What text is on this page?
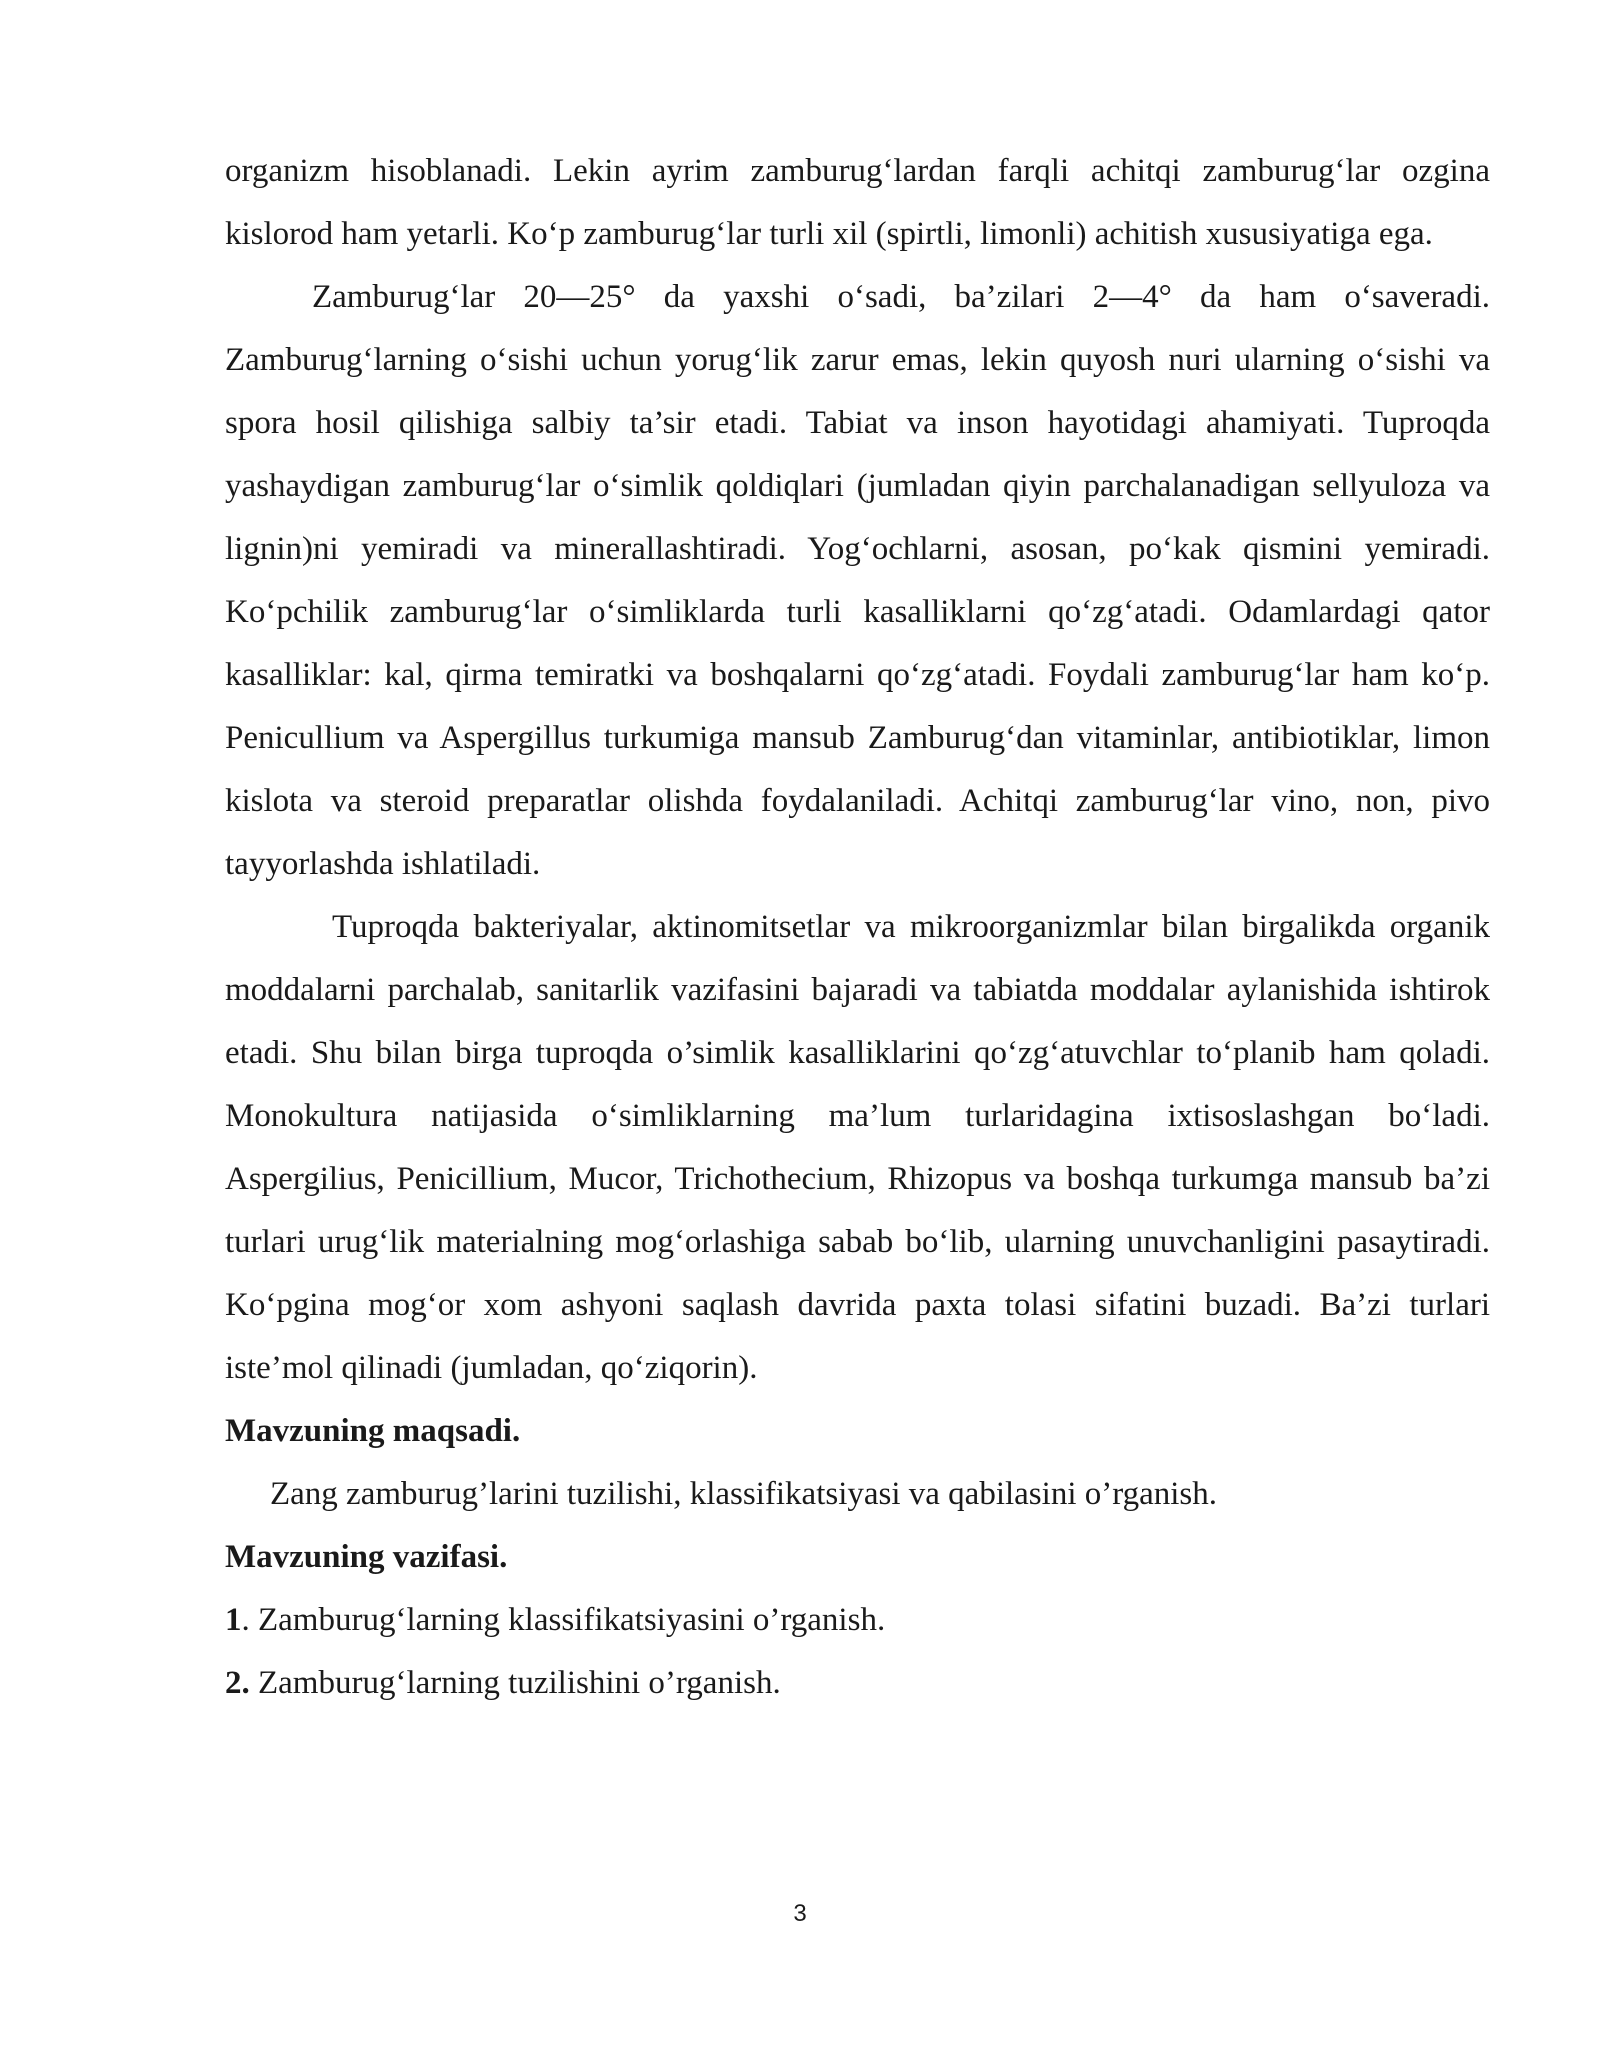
organizm hisoblanadi. Lekin ayrim zamburug‘lardan farqli achitqi zamburug‘lar ozgina kislorod ham yetarli. Ko‘p zamburug‘lar turli xil (spirtli, limonli) achitish xususiyatiga ega.

Zamburug‘lar 20—25° da yaxshi o‘sadi, ba’zilari 2—4° da ham o‘saveradi. Zamburug‘larning o‘sishi uchun yorug‘lik zarur emas, lekin quyosh nuri ularning o‘sishi va spora hosil qilishiga salbiy ta’sir etadi. Tabiat va inson hayotidagi ahamiyati. Tuproqda yashaydigan zamburug‘lar o‘simlik qoldiqlari (jumladan qiyin parchalanadigan sellyuloza va lignin)ni yemiradi va minerallashtiradi. Yog‘ochlarni, asosan, po‘kak qismini yemiradi. Ko‘pchilik zamburug‘lar o‘simliklarda turli kasalliklarni qo‘zg‘atadi. Odamlardagi qator kasalliklar: kal, qirma temiratki va boshqalarni qo‘zg‘atadi. Foydali zamburug‘lar ham ko‘p. Penicullium va Aspergillus turkumiga mansub Zamburug‘dan vitaminlar, antibiotiklar, limon kislota va steroid preparatlar olishda foydalaniladi. Achitqi zamburug‘lar vino, non, pivo tayyorlashda ishlatiladi.

Tuproqda bakteriyalar, aktinomitsetlar va mikroorganizmlar bilan birgalikda organik moddalarni parchalab, sanitarlik vazifasini bajaradi va tabiatda moddalar aylanishida ishtirok etadi. Shu bilan birga tuproqda o’simlik kasalliklarini qo‘zg‘atuvchlar to‘planib ham qoladi. Monokultura natijasida o‘simliklarning ma’lum turlaridagina ixtisoslashgan bo‘ladi. Aspergilius, Penicillium, Mucor, Trichothecium, Rhizopus va boshqa turkumga mansub ba’zi turlari urug‘lik materialning mog‘orlashiga sabab bo‘lib, ularning unuvchanligini pasaytiradi. Ko‘pgina mog‘or xom ashyoni saqlash davrida paxta tolasi sifatini buzadi. Ba’zi turlari iste’mol qilinadi (jumladan, qo‘ziqorin).

Mavzuning maqsadi.

Zang zamburug’larini tuzilishi, klassifikatsiyasi va qabilasini o’rganish.

Mavzuning vazifasi.
1. Zamburug‘larning klassifikatsiyasini o’rganish.
2. Zamburug‘larning tuzilishini o’rganish.
3
